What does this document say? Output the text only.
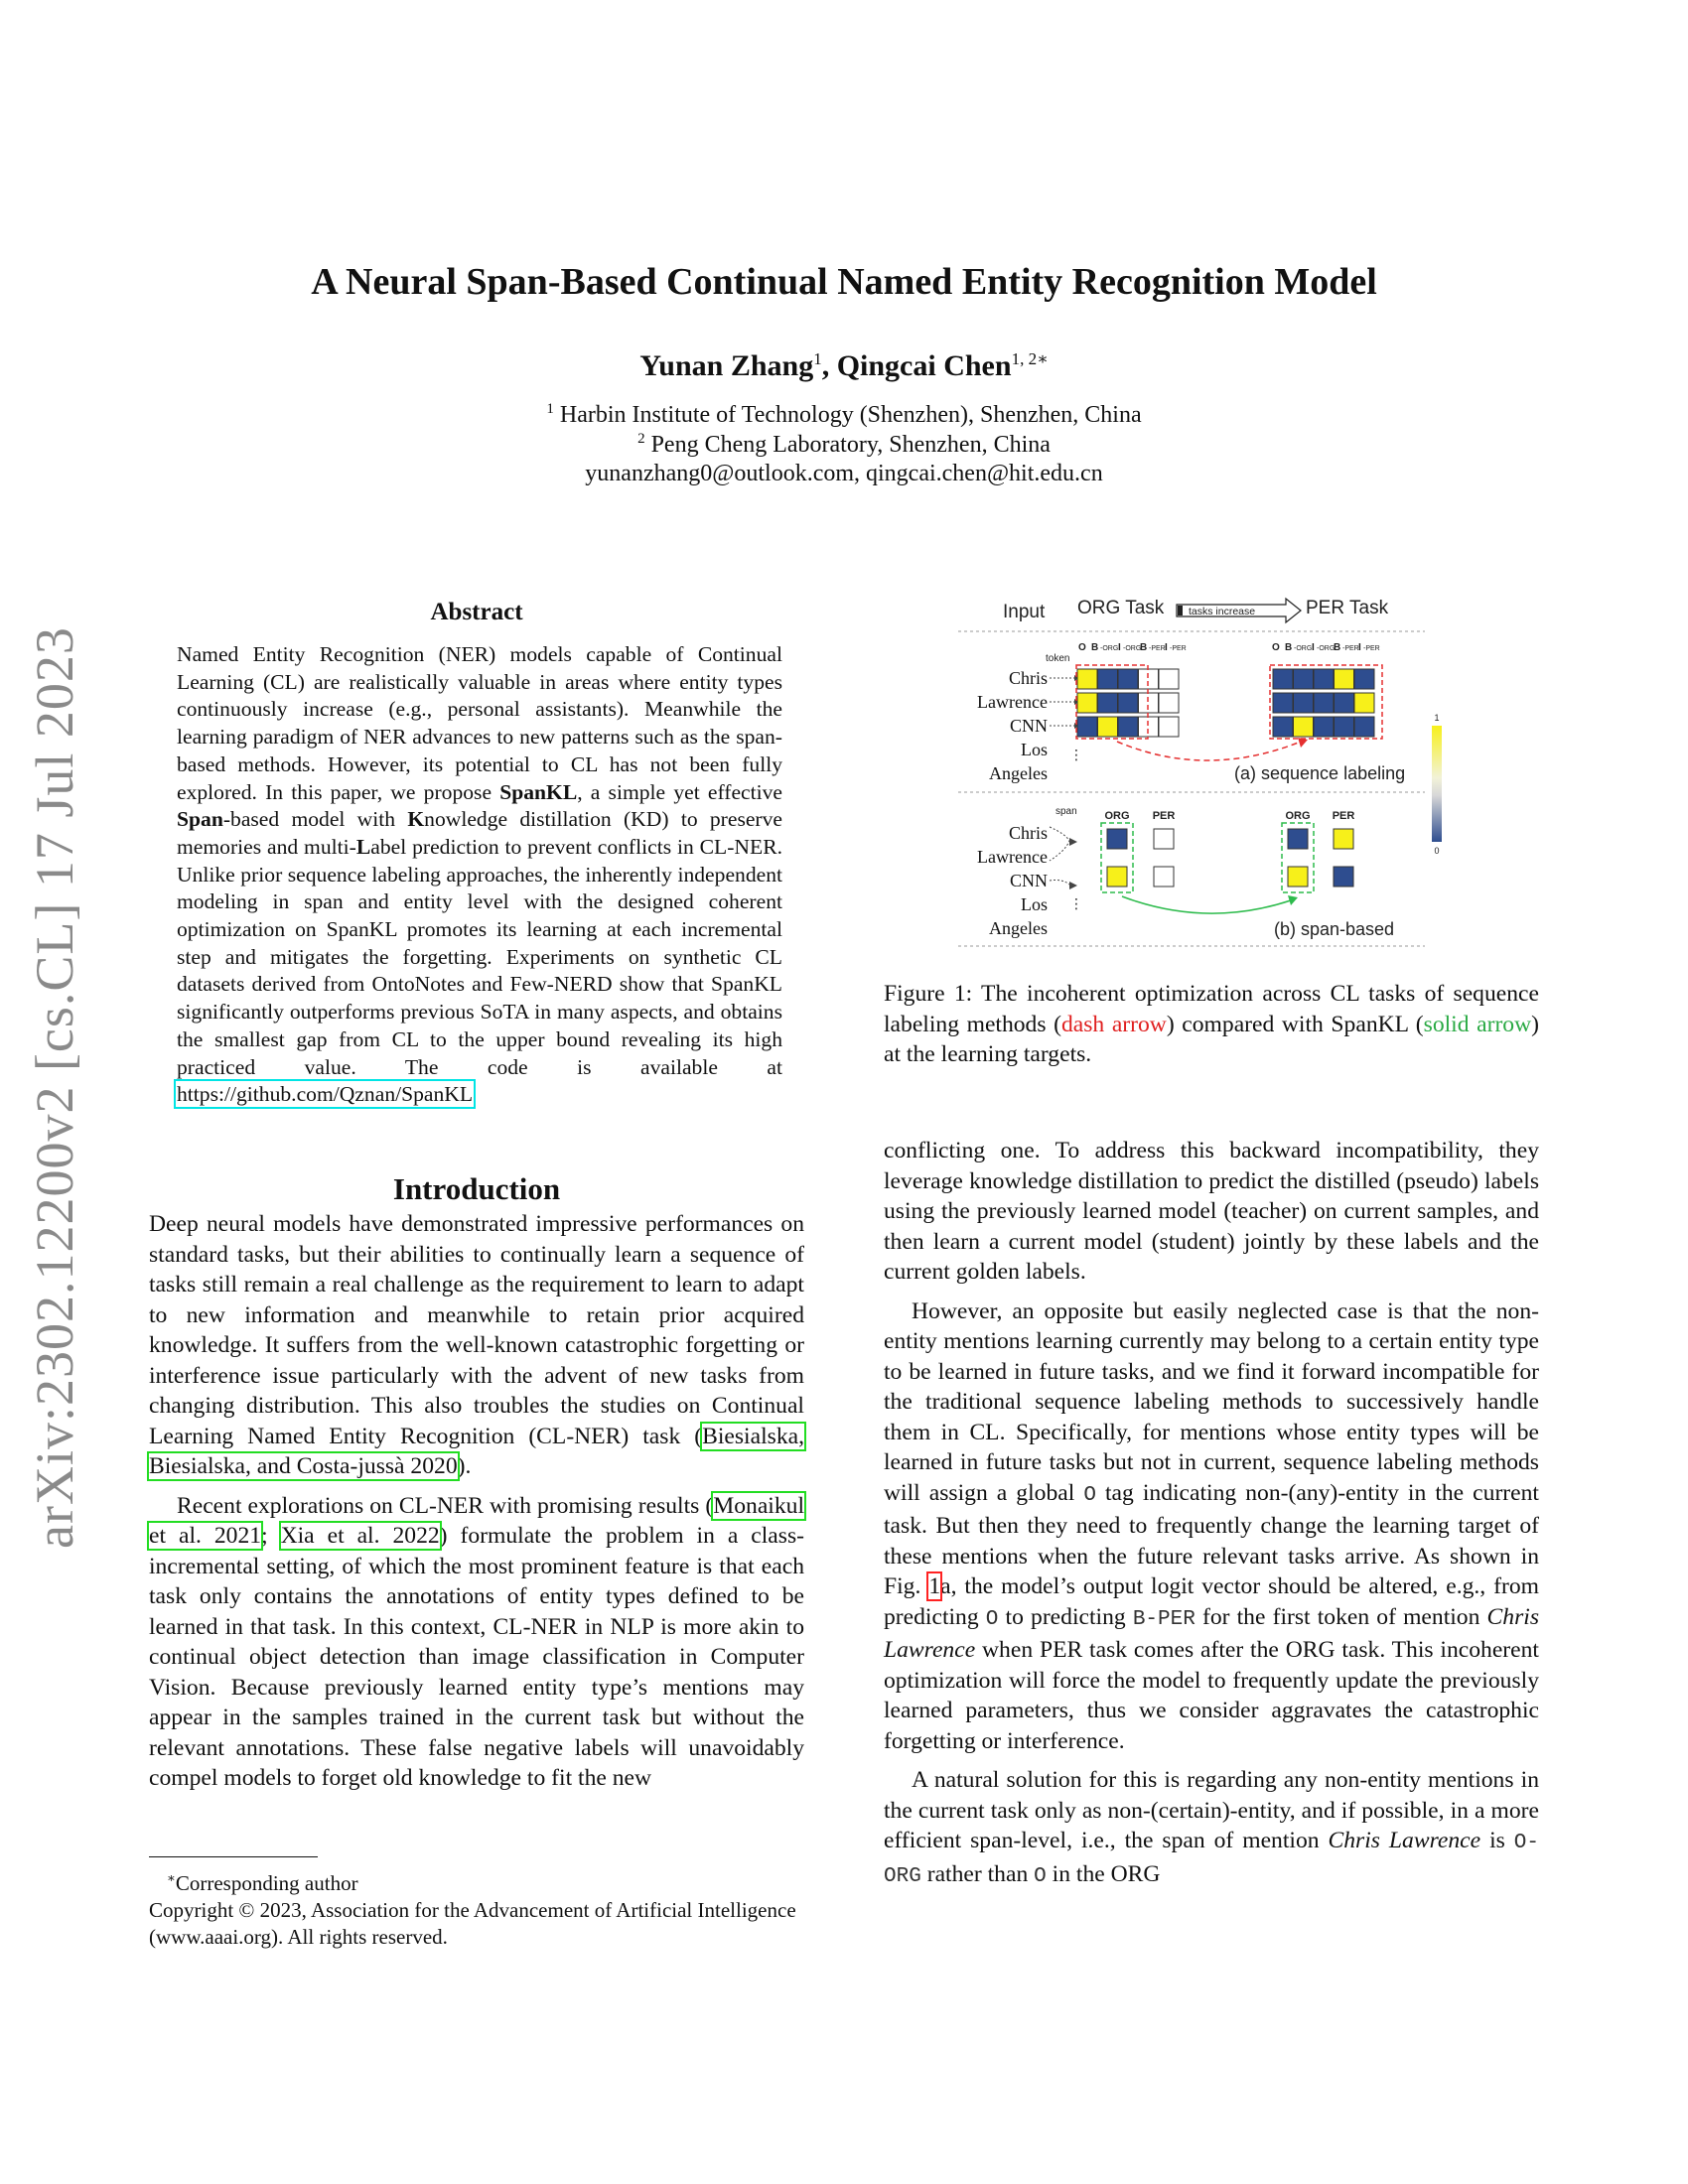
arXiv:2302.12200v2 [cs.CL] 17 Jul 2023
A Neural Span-Based Continual Named Entity Recognition Model
Yunan Zhang$^1$, Qingcai Chen$^{1, 2∗}$
$^1$ Harbin Institute of Technology (Shenzhen), Shenzhen, China
$^2$ Peng Cheng Laboratory, Shenzhen, China
yunanzhang0@outlook.com, qingcai.chen@hit.edu.cn
Abstract
Named Entity Recognition (NER) models capable of Continual Learning (CL) are realistically valuable in areas where entity types continuously increase (e.g., personal assistants). Meanwhile the learning paradigm of NER advances to new patterns such as the span-based methods. However, its potential to CL has not been fully explored. In this paper, we propose SpanKL, a simple yet effective Span-based model with Knowledge distillation (KD) to preserve memories and multi-Label prediction to prevent conflicts in CL-NER. Unlike prior sequence labeling approaches, the inherently independent modeling in span and entity level with the designed coherent optimization on SpanKL promotes its learning at each incremental step and mitigates the forgetting. Experiments on synthetic CL datasets derived from OntoNotes and Few-NERD show that SpanKL significantly outperforms previous SoTA in many aspects, and obtains the smallest gap from CL to the upper bound revealing its high practiced value. The code is available at https://github.com/Qznan/SpanKL
Introduction

Deep neural models have demonstrated impressive performances on standard tasks, but their abilities to continually learn a sequence of tasks still remain a real challenge as the requirement to learn to adapt to new information and meanwhile to retain prior acquired knowledge. It suffers from the well-known catastrophic forgetting or interference issue particularly with the advent of new tasks from changing distribution. This also troubles the studies on Continual Learning Named Entity Recognition (CL-NER) task (Biesialska, Biesialska, and Costa-jussà 2020).

Recent explorations on CL-NER with promising results (Monaikul et al. 2021; Xia et al. 2022) formulate the problem in a class-incremental setting, of which the most prominent feature is that each task only contains the annotations of entity types defined to be learned in that task. In this context, CL-NER in NLP is more akin to continual object detection than image classification in Computer Vision. Because previously learned entity type’s mentions may appear in the samples trained in the current task but without the relevant annotations. These false negative labels will unavoidably compel models to forget old knowledge to fit the new

∗Corresponding author
Copyright © 2023, Association for the Advancement of Artificial Intelligence (www.aaai.org). All rights reserved.
Input ORG Task tasks increase	PER Task
O B -ORG I -ORG
B -PER I -PER	O B -ORG I -ORG
B -PER I -PER
token
Chris
Lawrence
CNN
Los
Angeles
⋮
(a) sequence labeling
span
Chris
Lawrence
CNN
Los
Angeles
⋮
ORG PER	ORG PER
(b) span-based
1
0
Figure 1: The incoherent optimization across CL tasks of sequence labeling methods (dash arrow) compared with SpanKL (solid arrow) at the learning targets.

conflicting one. To address this backward incompatibility, they leverage knowledge distillation to predict the distilled (pseudo) labels using the previously learned model (teacher) on current samples, and then learn a current model (student) jointly by these labels and the current golden labels.

However, an opposite but easily neglected case is that the non-entity mentions learning currently may belong to a certain entity type to be learned in future tasks, and we find it forward incompatible for the traditional sequence labeling methods to successively handle them in CL. Specifically, for mentions whose entity types will be learned in future tasks but not in current, sequence labeling methods will assign a global O tag indicating non-(any)-entity in the current task. But then they need to frequently change the learning target of these mentions when the future relevant tasks arrive. As shown in Fig. 1a, the model’s output logit vector should be altered, e.g., from predicting O to predicting B-PER for the first token of mention Chris Lawrence when PER task comes after the ORG task. This incoherent optimization will force the model to frequently update the previously learned parameters, thus we consider aggravates the catastrophic forgetting or interference.

A natural solution for this is regarding any non-entity mentions in the current task only as non-(certain)-entity, and if possible, in a more efficient span-level, i.e., the span of mention Chris Lawrence is O-ORG rather than O in the ORG
